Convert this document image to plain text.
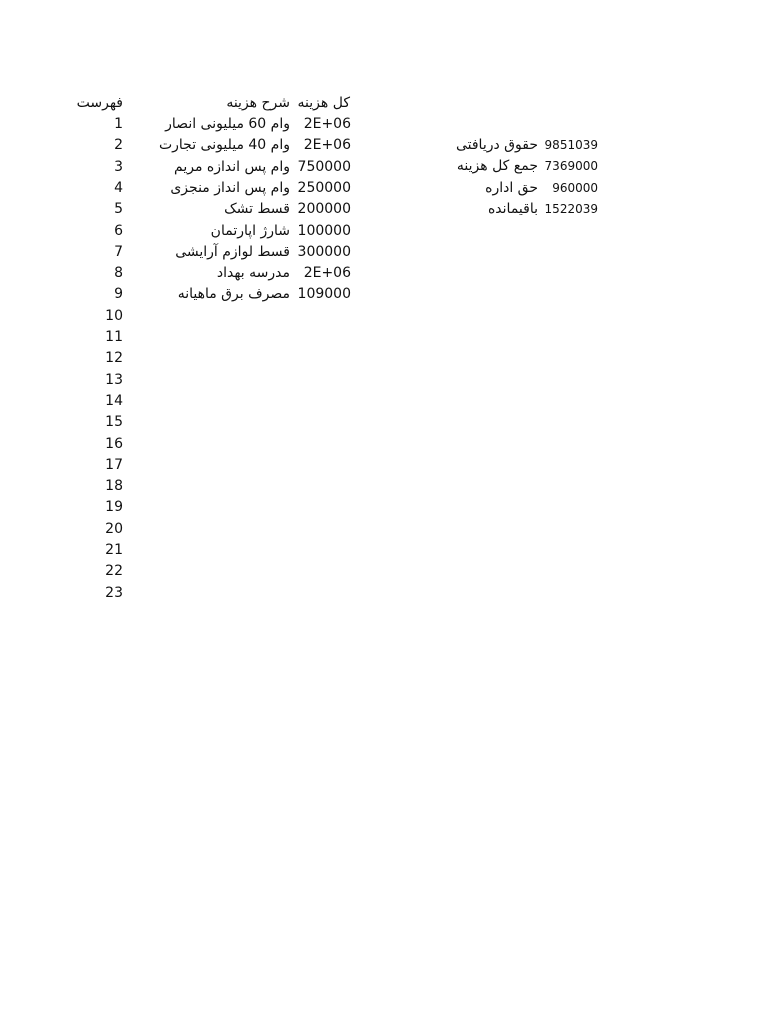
فهرست	شرح هزینه کل هزینه
1	وام 60 میلیونی انصار 2E+06
2	وام 40 میلیونی تجارت 2E+06
3	وام پس اندازه مریم 750000
4	وام پس انداز منجزی 250000
5	قسط تشک 200000
6	شارژ اپارتمان 100000
7	قسط لوازم آرایشی 300000
8	مدرسه بهداد 2E+06
9	مصرف برق ماهیانه 109000
10
11
12
13
14
15
16
17
18
19
20
21
22
23
حقوق دریافتی 9851039
جمع کل هزینه 7369000
حق اداره 960000
باقیمانده 1522039
